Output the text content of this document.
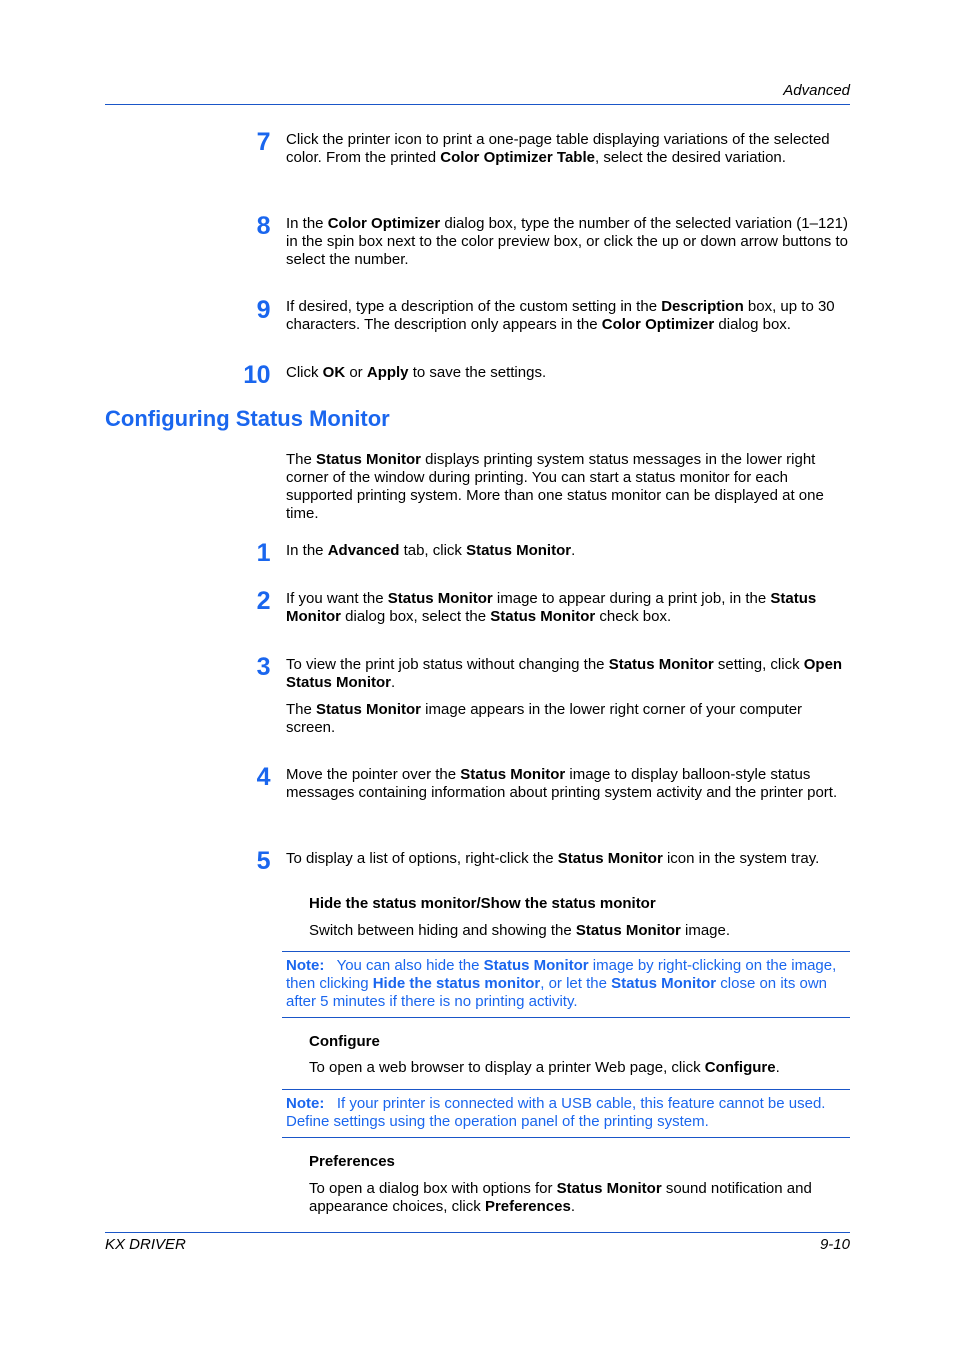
Advanced
7 Click the printer icon to print a one-page table displaying variations of the selected color. From the printed Color Optimizer Table, select the desired variation.
8 In the Color Optimizer dialog box, type the number of the selected variation (1–121) in the spin box next to the color preview box, or click the up or down arrow buttons to select the number.
9 If desired, type a description of the custom setting in the Description box, up to 30 characters. The description only appears in the Color Optimizer dialog box.
10 Click OK or Apply to save the settings.
Configuring Status Monitor
The Status Monitor displays printing system status messages in the lower right corner of the window during printing. You can start a status monitor for each supported printing system. More than one status monitor can be displayed at one time.
1 In the Advanced tab, click Status Monitor.
2 If you want the Status Monitor image to appear during a print job, in the Status Monitor dialog box, select the Status Monitor check box.
3 To view the print job status without changing the Status Monitor setting, click Open Status Monitor.
The Status Monitor image appears in the lower right corner of your computer screen.
4 Move the pointer over the Status Monitor image to display balloon-style status messages containing information about printing system activity and the printer port.
5 To display a list of options, right-click the Status Monitor icon in the system tray.
Hide the status monitor/Show the status monitor
Switch between hiding and showing the Status Monitor image.
Note: You can also hide the Status Monitor image by right-clicking on the image, then clicking Hide the status monitor, or let the Status Monitor close on its own after 5 minutes if there is no printing activity.
Configure
To open a web browser to display a printer Web page, click Configure.
Note: If your printer is connected with a USB cable, this feature cannot be used. Define settings using the operation panel of the printing system.
Preferences
To open a dialog box with options for Status Monitor sound notification and appearance choices, click Preferences.
KX DRIVER	9-10
